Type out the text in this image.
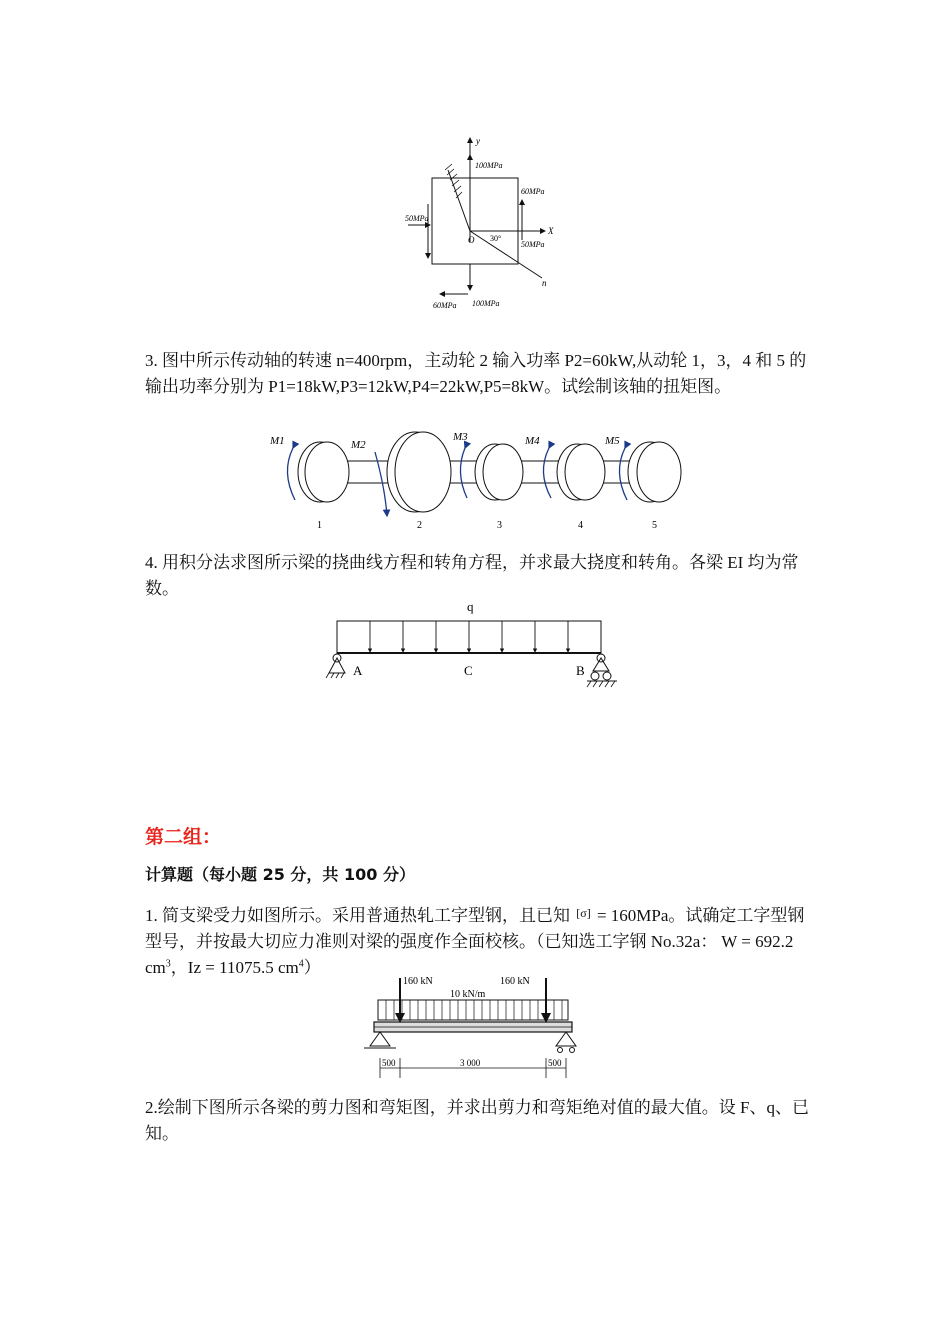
y
100MPa
X
O 30°
n
60MPa
50MPa
50MPa
100MPa
60MPa
3. 图中所示传动轴的转速 n=400rpm，主动轮 2 输入功率 P2=60kW,从动轮 1，3，4 和 5 的输出功率分别为 P1=18kW,P3=12kW,P4=22kW,P5=8kW。试绘制该轴的扭矩图。
M1	M2
M3	M4	M5
1	2	3	4	5
4. 用积分法求图所示梁的挠曲线方程和转角方程，并求最大挠度和转角。各梁 EI 均为常数。
q
A	C	B
第二组：
计算题（每小题 25 分，共 100 分）
1. 简支梁受力如图所示。采用普通热轧工字型钢，且已知 [σ] = 160MPa。试确定工字型钢型号，并按最大切应力准则对梁的强度作全面校核。（已知选工字钢 No.32a： W = 692.2 $cm^3$，Iz = 11075.5 $cm^4$）
160 kN	160 kN
10 kN/m
500	3 000	500
2.绘制下图所示各梁的剪力图和弯矩图，并求出剪力和弯矩绝对值的最大值。设 F、q、已知。
